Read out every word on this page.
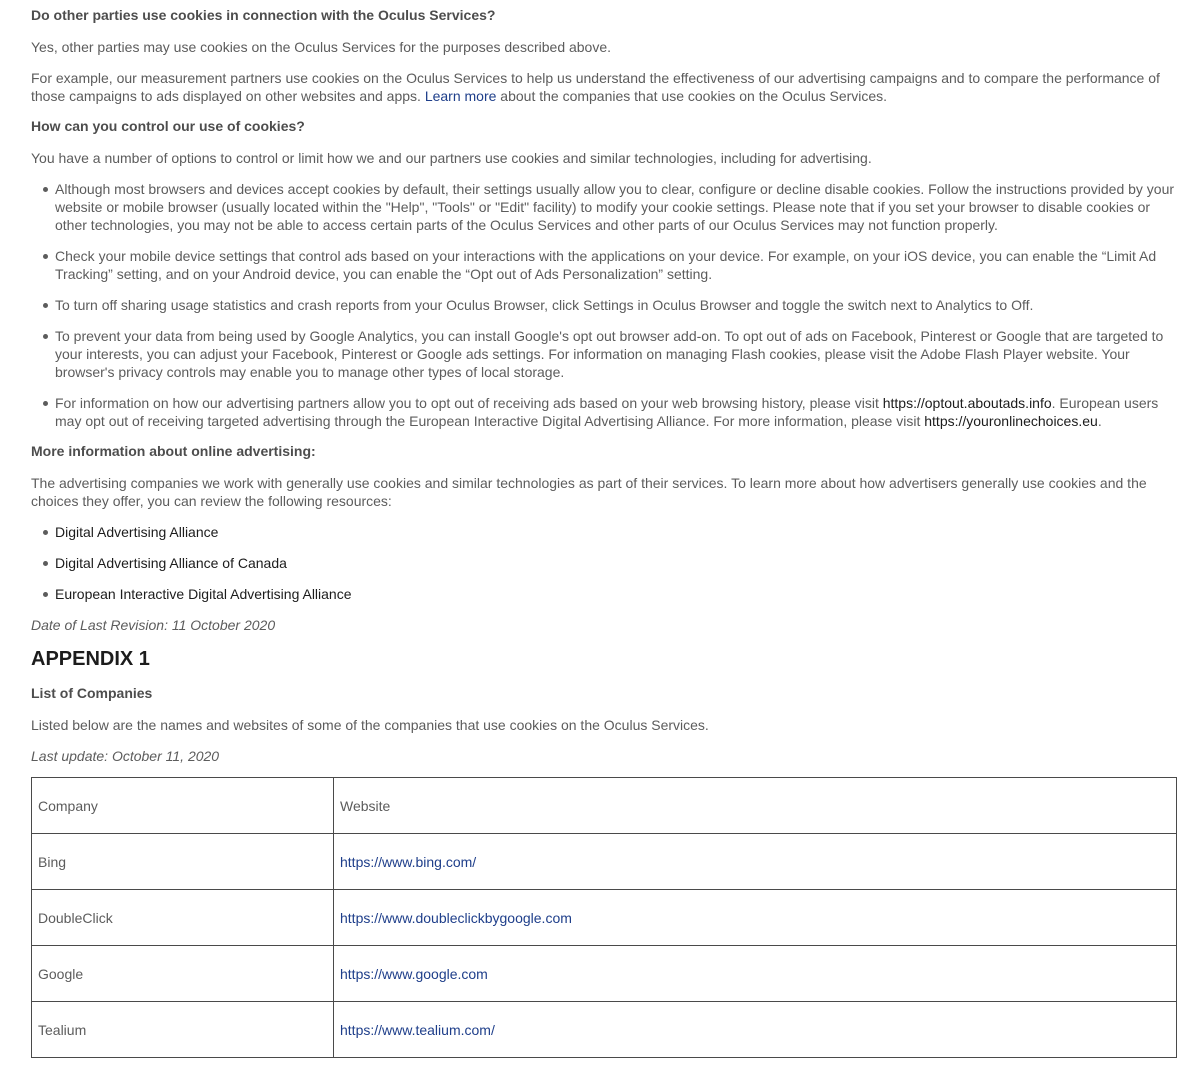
Do other parties use cookies in connection with the Oculus Services?

Yes, other parties may use cookies on the Oculus Services for the purposes described above.

For example, our measurement partners use cookies on the Oculus Services to help us understand the effectiveness of our advertising campaigns and to compare the performance of those campaigns to ads displayed on other websites and apps. Learn more about the companies that use cookies on the Oculus Services.

How can you control our use of cookies?

You have a number of options to control or limit how we and our partners use cookies and similar technologies, including for advertising.

Although most browsers and devices accept cookies by default, their settings usually allow you to clear, configure or decline disable cookies. Follow the instructions provided by your website or mobile browser (usually located within the "Help", "Tools" or "Edit" facility) to modify your cookie settings. Please note that if you set your browser to disable cookies or other technologies, you may not be able to access certain parts of the Oculus Services and other parts of our Oculus Services may not function properly.
Check your mobile device settings that control ads based on your interactions with the applications on your device. For example, on your iOS device, you can enable the “Limit Ad Tracking” setting, and on your Android device, you can enable the “Opt out of Ads Personalization” setting.
To turn off sharing usage statistics and crash reports from your Oculus Browser, click Settings in Oculus Browser and toggle the switch next to Analytics to Off.
To prevent your data from being used by Google Analytics, you can install Google's opt out browser add-on. To opt out of ads on Facebook, Pinterest or Google that are targeted to your interests, you can adjust your Facebook, Pinterest or Google ads settings. For information on managing Flash cookies, please visit the Adobe Flash Player website. Your browser's privacy controls may enable you to manage other types of local storage.
For information on how our advertising partners allow you to opt out of receiving ads based on your web browsing history, please visit https://optout.aboutads.info. European users may opt out of receiving targeted advertising through the European Interactive Digital Advertising Alliance. For more information, please visit https://youronlinechoices.eu.
More information about online advertising:

The advertising companies we work with generally use cookies and similar technologies as part of their services. To learn more about how advertisers generally use cookies and the choices they offer, you can review the following resources:

Digital Advertising Alliance
Digital Advertising Alliance of Canada
European Interactive Digital Advertising Alliance

Date of Last Revision: 11 October 2020

APPENDIX 1
List of Companies

Listed below are the names and websites of some of the companies that use cookies on the Oculus Services.

Last update: October 11, 2020

Company	Website
Bing	https://www.bing.com/
DoubleClick	https://www.doubleclickbygoogle.com
Google	https://www.google.com
Tealium	https://www.tealium.com/
